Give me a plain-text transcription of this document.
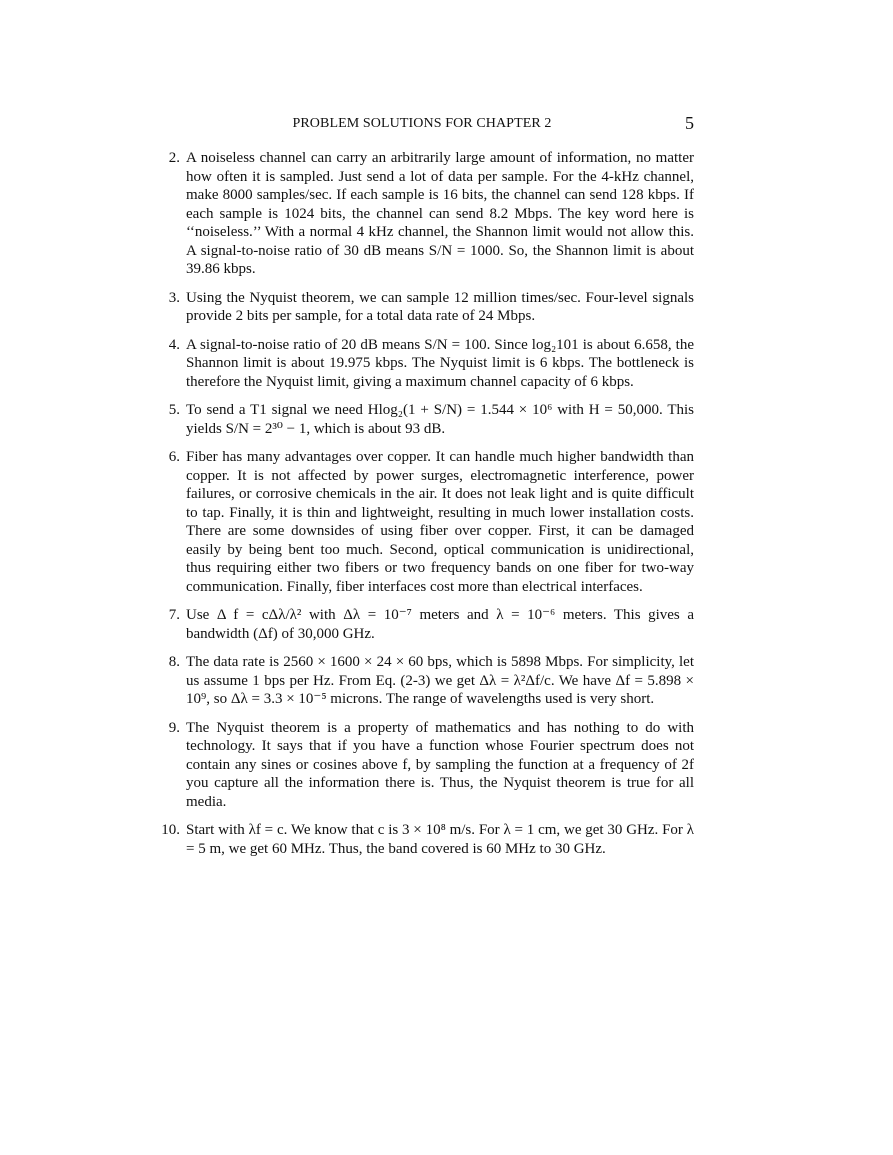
PROBLEM SOLUTIONS FOR CHAPTER 2	5
2. A noiseless channel can carry an arbitrarily large amount of information, no matter how often it is sampled. Just send a lot of data per sample. For the 4-kHz channel, make 8000 samples/sec. If each sample is 16 bits, the channel can send 128 kbps. If each sample is 1024 bits, the channel can send 8.2 Mbps. The key word here is ‘‘noiseless.’’ With a normal 4 kHz channel, the Shannon limit would not allow this. A signal-to-noise ratio of 30 dB means S/N = 1000. So, the Shannon limit is about 39.86 kbps.
3. Using the Nyquist theorem, we can sample 12 million times/sec. Four-level signals provide 2 bits per sample, for a total data rate of 24 Mbps.
4. A signal-to-noise ratio of 20 dB means S/N = 100. Since log₂101 is about 6.658, the Shannon limit is about 19.975 kbps. The Nyquist limit is 6 kbps. The bottleneck is therefore the Nyquist limit, giving a maximum channel capacity of 6 kbps.
5. To send a T1 signal we need Hlog₂(1 + S/N) = 1.544 × 10⁶ with H = 50,000. This yields S/N = 2³⁰ − 1, which is about 93 dB.
6. Fiber has many advantages over copper. It can handle much higher bandwidth than copper. It is not affected by power surges, electromagnetic interference, power failures, or corrosive chemicals in the air. It does not leak light and is quite difficult to tap. Finally, it is thin and lightweight, resulting in much lower installation costs. There are some downsides of using fiber over copper. First, it can be damaged easily by being bent too much. Second, optical communication is unidirectional, thus requiring either two fibers or two frequency bands on one fiber for two-way communication. Finally, fiber interfaces cost more than electrical interfaces.
7. Use Δ f = cΔλ/λ² with Δλ = 10⁻⁷ meters and λ = 10⁻⁶ meters. This gives a bandwidth (Δf) of 30,000 GHz.
8. The data rate is 2560 × 1600 × 24 × 60 bps, which is 5898 Mbps. For simplicity, let us assume 1 bps per Hz. From Eq. (2-3) we get Δλ = λ²Δf/c. We have Δf = 5.898 × 10⁹, so Δλ = 3.3 × 10⁻⁵ microns. The range of wavelengths used is very short.
9. The Nyquist theorem is a property of mathematics and has nothing to do with technology. It says that if you have a function whose Fourier spectrum does not contain any sines or cosines above f, by sampling the function at a frequency of 2f you capture all the information there is. Thus, the Nyquist theorem is true for all media.
10. Start with λf = c. We know that c is 3 × 10⁸ m/s. For λ = 1 cm, we get 30 GHz. For λ = 5 m, we get 60 MHz. Thus, the band covered is 60 MHz to 30 GHz.
